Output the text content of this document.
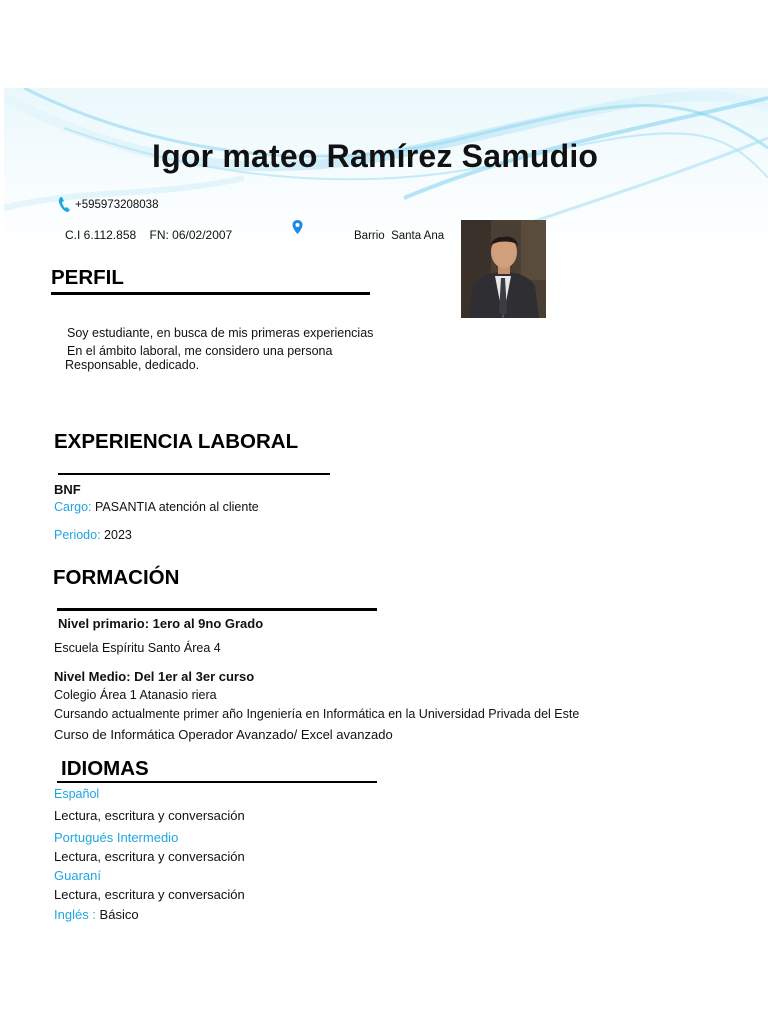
Igor mateo Ramírez Samudio
+595973208038
C.I 6.112.858    FN: 06/02/2007	Barrio  Santa Ana
PERFIL
Soy estudiante, en busca de mis primeras experiencias
En el ámbito laboral, me considero una persona
Responsable, dedicado.
EXPERIENCIA LABORAL
BNF
Cargo: PASANTIA atención al cliente
Periodo: 2023
FORMACIÓN
Nivel primario: 1ero al 9no Grado
Escuela Espíritu Santo Área 4
Nivel Medio: Del 1er al 3er curso
Colegio Área 1 Atanasio riera
Cursando actualmente primer año Ingeniería en Informática en la Universidad Privada del Este
Curso de Informática Operador Avanzado/ Excel avanzado
IDIOMAS
Español
Lectura, escritura y conversación
Portugués Intermedio
Lectura, escritura y conversación
Guaraní
Lectura, escritura y conversación
Inglés : Básico
